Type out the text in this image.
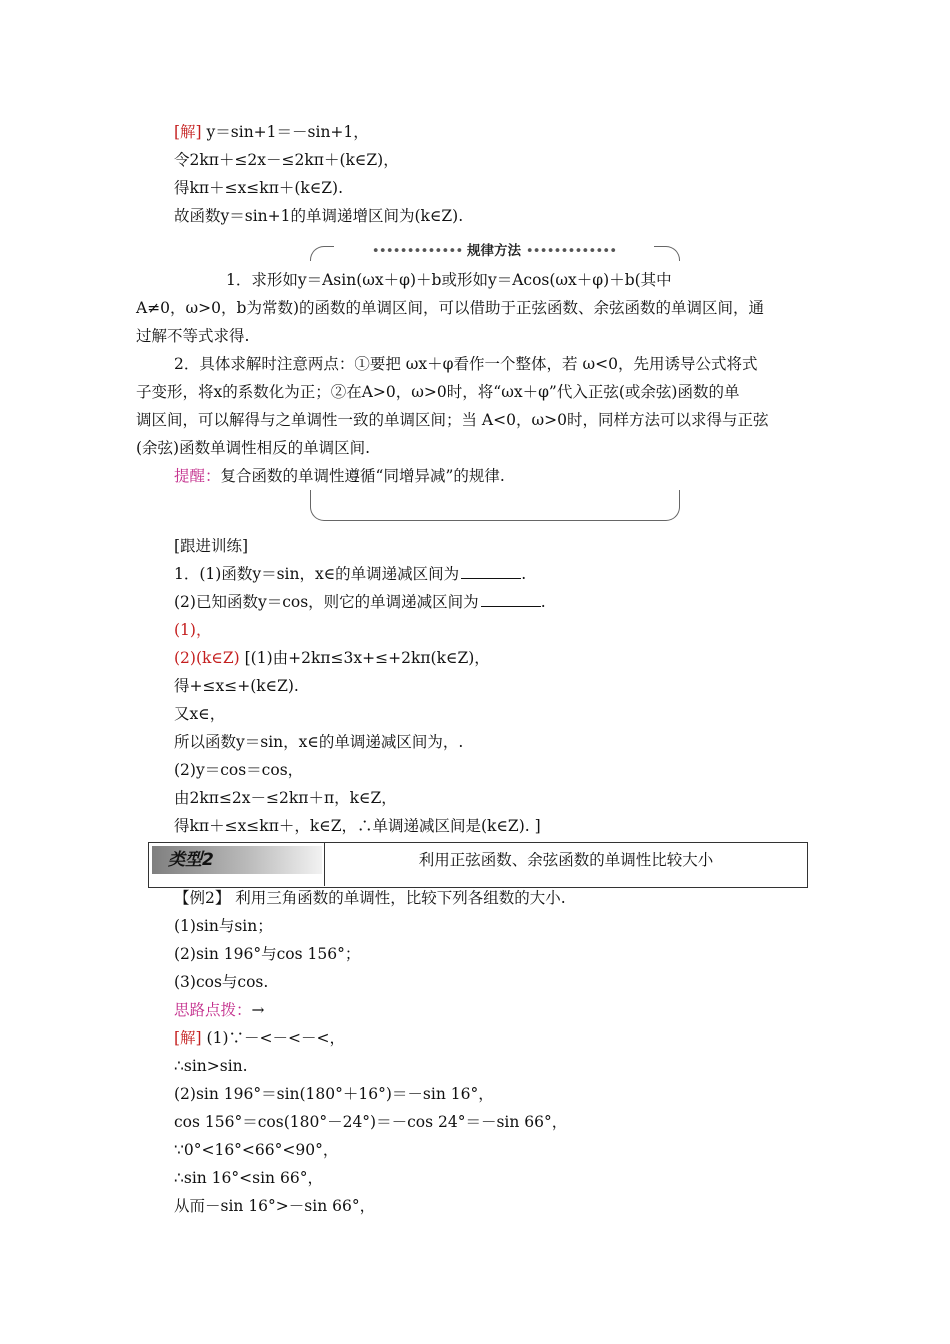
[解] y＝sin+1＝－sin+1，
令2kπ＋≤2x－≤2kπ＋(k∈Z)，
得kπ＋≤x≤kπ＋(k∈Z).
故函数y＝sin+1的单调递增区间为(k∈Z).
••••••••••••• 规律方法 •••••••••••••
1．求形如y＝Asin(ωx＋φ)＋b或形如y＝Acos(ωx＋φ)＋b(其中
A≠0，ω>0，b为常数)的函数的单调区间，可以借助于正弦函数、余弦函数的单调区间，通
过解不等式求得.
2．具体求解时注意两点：①要把 ωx＋φ看作一个整体，若 ω<0，先用诱导公式将式
子变形，将x的系数化为正；②在A>0，ω>0时，将“ωx＋φ”代入正弦(或余弦)函数的单
调区间，可以解得与之单调性一致的单调区间；当 A<0，ω>0时，同样方法可以求得与正弦
(余弦)函数单调性相反的单调区间.
提醒：复合函数的单调性遵循“同增异减”的规律.
[跟进训练]
1．(1)函数y＝sin，x∈的单调递减区间为	.
(2)已知函数y＝cos，则它的单调递减区间为	.
(1)，
(2)(k∈Z) [(1)由+2kπ≤3x+≤+2kπ(k∈Z)，
得+≤x≤+(k∈Z).
又x∈，
所以函数y＝sin，x∈的单调递减区间为，.
(2)y＝cos＝cos，
由2kπ≤2x－≤2kπ＋π，k∈Z，
得kπ＋≤x≤kπ＋，k∈Z，∴单调递减区间是(k∈Z). ]
类型2	利用正弦函数、余弦函数的单调性比较大小
【例2】 利用三角函数的单调性，比较下列各组数的大小.
(1)sin与sin；
(2)sin 196°与cos 156°；
(3)cos与cos.
思路点拨：→
[解] (1)∵－<－<－<，
∴sin>sin.
(2)sin 196°＝sin(180°＋16°)＝－sin 16°，
cos 156°＝cos(180°－24°)＝－cos 24°＝－sin 66°，
∵0°<16°<66°<90°，
∴sin 16°<sin 66°，
从而－sin 16°>－sin 66°，
